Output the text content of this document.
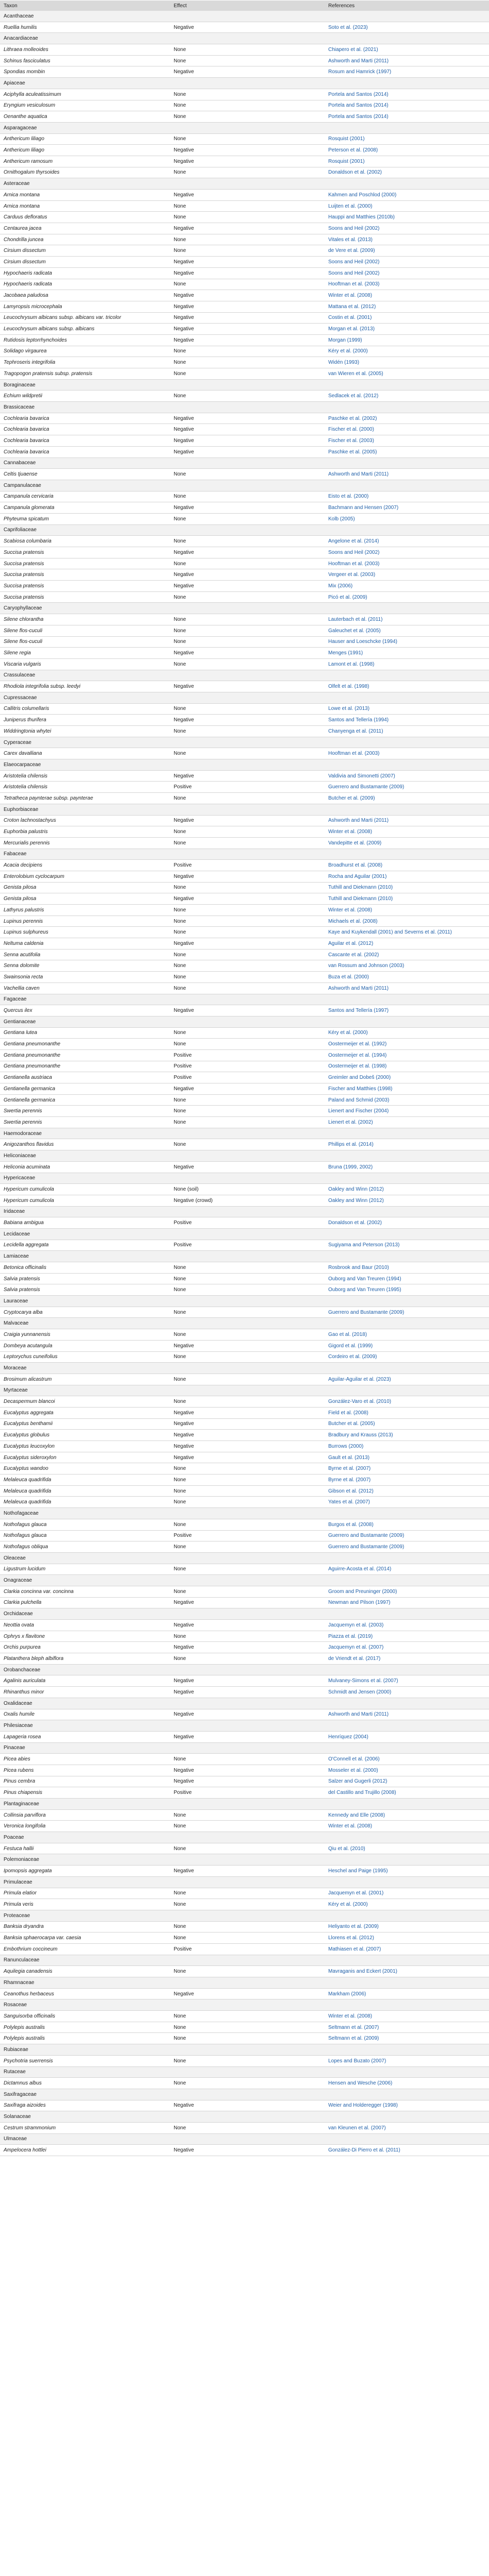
Taxon	Effect	References
Acanthaceae
Ruellia humilis	Negative	Soto et al. (2023)
Anacardiaceae
Lithraea molleoides	None	Chiapero et al. (2021)
Schinus fasciculatus	None	Ashworth and Marti (2011)
Spondias mombin	Negative	Rosum and Hamrick (1997)
Apiaceae
Aciphylla aculeatissimum	None	Portela and Santos (2014)
Eryngium vesiculosum	None	Portela and Santos (2014)
Oenanthe aquatica	None	Portela and Santos (2014)
Asparagaceae
Anthericum liliago	None	Rosquist (2001)
Anthericum liliago	Negative	Peterson et al. (2008)
Anthericum ramosum	Negative	Rosquist (2001)
Ornithogalum thyrsoides	None	Donaldson et al. (2002)
Asteraceae
Arnica montana	Negative	Kahmen and Poschlod (2000)
Arnica montana	None	Luijten et al. (2000)
Carduus defloratus	None	Hauppi and Matthies (2010b)
Centaurea jacea	Negative	Soons and Heil (2002)
Chondrilla juncea	None	Vitales et al. (2013)
Cirsium dissectum	None	de Vere et al. (2009)
Cirsium dissectum	Negative	Soons and Heil (2002)
Hypochaeris radicata	Negative	Soons and Heil (2002)
Hypochaeris radicata	None	Hooftman et al. (2003)
Jacobaea paludosa	Negative	Winter et al. (2008)
Lamyropsis microcephala	Negative	Mattana et al. (2012)
Leucochrysum albicans subsp. albicans var. tricolor	Negative	Costin et al. (2001)
Leucochrysum albicans subsp. albicans	Negative	Morgan et al. (2013)
Rutidosis leptorrhynchoides	Negative	Morgan (1999)
Solidago virgaurea	None	Kéry et al. (2000)
Tephroseris integrifolia	None	Widén (1993)
Tragopogon pratensis subsp. pratensis	None	van Wieren et al. (2005)
Boraginaceae
Echium wildpretii	None	Sedlacek et al. (2012)
Brassicaceae
Cochlearia bavarica	Negative	Paschke et al. (2002)
Cochlearia bavarica	Negative	Fischer et al. (2000)
Cochlearia bavarica	Negative	Fischer et al. (2003)
Cochlearia bavarica	Negative	Paschke et al. (2005)
Cannabaceae
Celtis tjuaense	None	Ashworth and Marti (2011)
Campanulaceae
Campanula cervicaria	None	Eisto et al. (2000)
Campanula glomerata	Negative	Bachmann and Hensen (2007)
Phyteuma spicatum	None	Kolb (2005)
Caprifoliaceae
Scabiosa columbaria	None	Angelone et al. (2014)
Succisa pratensis	Negative	Soons and Heil (2002)
Succisa pratensis	None	Hooftman et al. (2003)
Succisa pratensis	Negative	Vergeer et al. (2003)
Succisa pratensis	Negative	Mix (2006)
Succisa pratensis	None	Picó et al. (2009)
Caryophyllaceae
Silene chlorantha	None	Lauterbach et al. (2011)
Silene flos-cuculi	None	Galeuchet et al. (2005)
Silene flos-cuculi	None	Hauser and Loeschcke (1994)
Silene regia	Negative	Menges (1991)
Viscaria vulgaris	None	Lamont et al. (1998)
Crassulaceae
Rhodiola integrifolia subsp. leedyi	Negative	Olfelt et al. (1998)
Cupressaceae
Callitris columellaris	None	Lowe et al. (2013)
Juniperus thurifera	Negative	Santos and Tellería (1994)
Widdringtonia whytei	None	Chanyenga et al. (2011)
Cyperaceae
Carex davalliana	None	Hooftman et al. (2003)
Elaeocarpaceae
Aristotelia chilensis	Negative	Valdivia and Simonetti (2007)
Aristotelia chilensis	Positive	Guerrero and Bustamante (2009)
Tetratheca paynterae subsp. paynterae	None	Butcher et al. (2009)
Euphorbiaceae
Croton lachnostachyus	Negative	Ashworth and Marti (2011)
Euphorbia palustris	None	Winter et al. (2008)
Mercurialis perennis	None	Vandepitte et al. (2009)
Fabaceae
Acacia decipiens	Positive	Broadhurst et al. (2008)
Enterolobium cyclocarpum	Negative	Rocha and Aguilar (2001)
Genista pilosa	None	Tuthill and Diekmann (2010)
Genista pilosa	Negative	Tuthill and Diekmann (2010)
Lathyrus palustris	None	Winter et al. (2008)
Lupinus perennis	None	Michaels et al. (2008)
Lupinus sulphureus	None	Kaye and Kuykendall (2001) and Severns et al. (2011)
Neltuma caldenia	Negative	Aguilar et al. (2012)
Senna acutifolia	None	Cascante et al. (2002)
Senna dolomite	None	van Rossum and Johnson (2003)
Swainsonia recta	None	Buza et al. (2000)
Vachellia caven	None	Ashworth and Marti (2011)
Fagaceae
Quercus ilex	Negative	Santos and Tellería (1997)
Gentianaceae
Gentiana lutea	None	Kéry et al. (2000)
Gentiana pneumonanthe	None	Oostermeijer et al. (1992)
Gentiana pneumonanthe	Positive	Oostermeijer et al. (1994)
Gentiana pneumonanthe	Positive	Oostermeijer et al. (1998)
Gentianella austriaca	Positive	Greimler and Dobeš (2000)
Gentianella germanica	Negative	Fischer and Matthies (1998)
Gentianella germanica	None	Paland and Schmid (2003)
Swertia perennis	None	Lienert and Fischer (2004)
Swertia perennis	None	Lienert et al. (2002)
Haemodoraceae
Anigozanthos flavidus	None	Phillips et al. (2014)
Heliconiaceae
Heliconia acuminata	Negative	Bruna (1999, 2002)
Hypericaceae
Hypericum cumulicola	None (soil)	Oakley and Winn (2012)
Hypericum cumulicola	Negative (crowd)	Oakley and Winn (2012)
Iridaceae
Babiana ambigua	Positive	Donaldson et al. (2002)
Lecidaceae
Lecidella aggregata	Positive	Sugiyama and Peterson (2013)
Lamiaceae
Betonica officinalis	None	Rosbrook and Baur (2010)
Salvia pratensis	None	Ouborg and Van Treuren (1994)
Salvia pratensis	None	Ouborg and Van Treuren (1995)
Lauraceae
Cryptocarya alba	None	Guerrero and Bustamante (2009)
Malvaceae
Craigia yunnanensis	None	Gao et al. (2018)
Dombeya acutangula	Negative	Gigord et al. (1999)
Leptorychus cuneifolius	None	Cordeiro et al. (2009)
Moraceae
Brosimum alicastrum	None	Aguilar-Aguilar et al. (2023)
Myrtaceae
Decaspermum blancoi	None	González-Varo et al. (2010)
Eucalyptus aggregata	Negative	Field et al. (2008)
Eucalyptus benthamii	Negative	Butcher et al. (2005)
Eucalyptus globulus	Negative	Bradbury and Krauss (2013)
Eucalyptus leucoxylon	Negative	Burrows (2000)
Eucalyptus sideroxylon	Negative	Gault et al. (2013)
Eucalyptus wandoo	None	Byrne et al. (2007)
Melaleuca quadrifida	None	Byrne et al. (2007)
Melaleuca quadrifida	None	Gibson et al. (2012)
Melaleuca quadrifida	None	Yates et al. (2007)
Nothofagaceae
Nothofagus glauca	None	Burgos et al. (2008)
Nothofagus glauca	Positive	Guerrero and Bustamante (2009)
Nothofagus obliqua	None	Guerrero and Bustamante (2009)
Oleaceae
Ligustrum lucidum	None	Aguirre-Acosta et al. (2014)
Onagraceae
Clarkia concinna var. concinna	None	Groom and Preuninger (2000)
Clarkia pulchella	Negative	Newman and Pilson (1997)
Orchidaceae
Neottia ovata	Negative	Jacquemyn et al. (2003)
Ophrys x flavitone	None	Piazza et al. (2019)
Orchis purpurea	Negative	Jacquemyn et al. (2007)
Platanthera bleph albiflora	None	de Vriendt et al. (2017)
Orobanchaceae
Agalinis auriculata	Negative	Mulvaney-Simons et al. (2007)
Rhinanthus minor	Negative	Schmidt and Jensen (2000)
Oxalidaceae
Oxalis humile	Negative	Ashworth and Marti (2011)
Philesiaceae
Lapageria rosea	Negative	Henríquez (2004)
Pinaceae
Picea abies	None	O'Connell et al. (2006)
Picea rubens	Negative	Mosseler et al. (2000)
Pinus cembra	Negative	Salzer and Gugerli (2012)
Pinus chiapensis	Positive	del Castillo and Trujillo (2008)
Plantaginaceae
Collinsia parviflora	None	Kennedy and Elle (2008)
Veronica longifolia	None	Winter et al. (2008)
Poaceae
Festuca hallii	None	Qiu et al. (2010)
Polemoniaceae
Ipomopsis aggregata	Negative	Heschel and Paige (1995)
Primulaceae
Primula elatior	None	Jacquemyn et al. (2001)
Primula veris	None	Kéry et al. (2000)
Proteaceae
Banksia dryandra	None	Heliyanto et al. (2009)
Banksia sphaerocarpa var. caesia	None	Llorens et al. (2012)
Embothrium coccineum	Positive	Mathiasen et al. (2007)
Ranunculaceae
Aquilegia canadensis	None	Mavraganis and Eckert (2001)
Rhamnaceae
Ceanothus herbaceus	Negative	Markham (2006)
Rosaceae
Sanguisorba officinalis	None	Winter et al. (2008)
Polylepis australis	None	Seltmann et al. (2007)
Polylepis australis	None	Seltmann et al. (2009)
Rubiaceae
Psychotria suerrensis	None	Lopes and Buzato (2007)
Rutaceae
Dictamnus albus	None	Hensen and Wesche (2006)
Saxifragaceae
Saxifraga aizoides	Negative	Weier and Holderegger (1998)
Solanaceae
Cestrum strammonium	None	van Kleunen et al. (2007)
Ulmaceae
Ampelocera hottlei	Negative	González-Di Pierro et al. (2011)
